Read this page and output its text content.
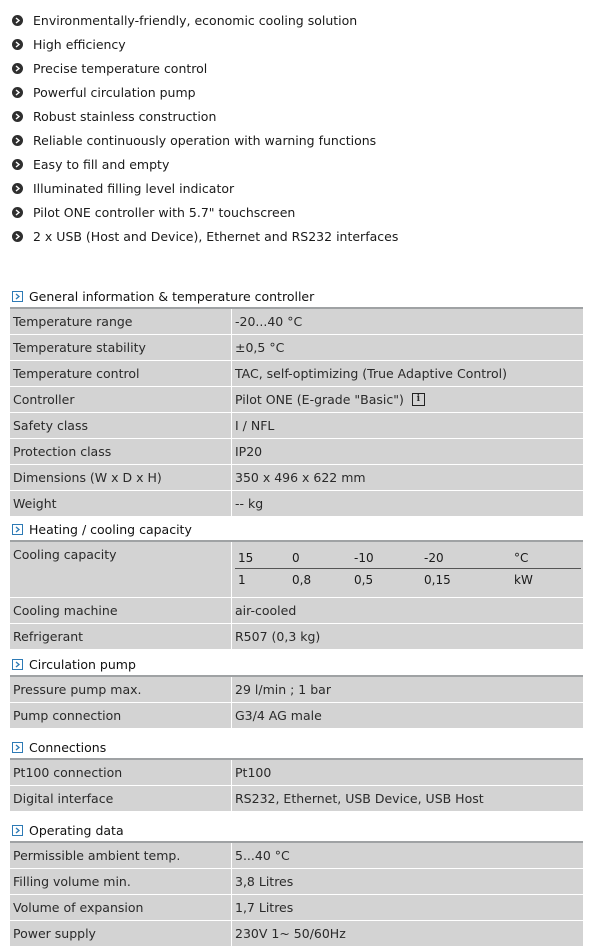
Environmentally-friendly, economic cooling solution
High efficiency
Precise temperature control
Powerful circulation pump
Robust stainless construction
Reliable continuously operation with warning functions
Easy to fill and empty
Illuminated filling level indicator
Pilot ONE controller with 5.7" touchscreen
2 x USB (Host and Device), Ethernet and RS232 interfaces
General information & temperature controller
Temperature range	-20...40 °C
Temperature stability	±0,5 °C
Temperature control	TAC, self-optimizing (True Adaptive Control)
Controller	Pilot ONE (E-grade "Basic")	i
Safety class	I / NFL
Protection class	IP20
Dimensions (W x D x H)	350 x 496 x 622 mm
Weight	-- kg
Heating / cooling capacity
Cooling capacity	15	0	-10	-20	°C
1	0,8	0,5	0,15	kW
Cooling machine	air-cooled
Refrigerant	R507 (0,3 kg)
Circulation pump
Pressure pump max.	29 l/min ; 1 bar
Pump connection	G3/4 AG male
Connections
Pt100 connection	Pt100
Digital interface	RS232, Ethernet, USB Device, USB Host
Operating data
Permissible ambient temp.	5...40 °C
Filling volume min.	3,8 Litres
Volume of expansion	1,7 Litres
Power supply	230V 1~ 50/60Hz
